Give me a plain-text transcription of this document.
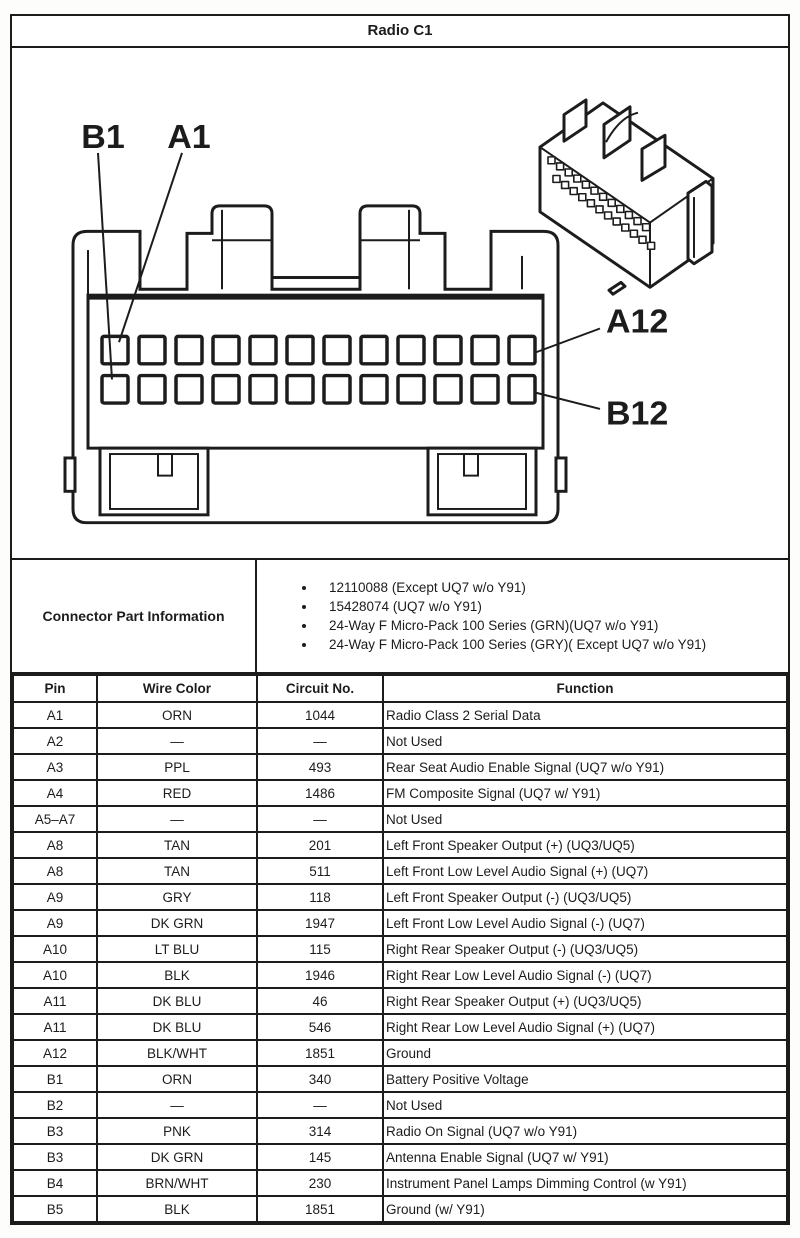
Radio C1
B1 A1
A12
B12
Connector Part Information
• 12110088 (Except UQ7 w/o Y91)
• 15428074 (UQ7 w/o Y91)
• 24-Way F Micro-Pack 100 Series (GRN)(UQ7 w/o Y91)
• 24-Way F Micro-Pack 100 Series (GRY)( Except UQ7 w/o Y91)
Pin	Wire Color	Circuit No.	Function
A1	ORN	1044	Radio Class 2 Serial Data
A2	—	—	Not Used
A3	PPL	493	Rear Seat Audio Enable Signal (UQ7 w/o Y91)
A4	RED	1486	FM Composite Signal (UQ7 w/ Y91)
A5–A7	—	—	Not Used
A8	TAN	201	Left Front Speaker Output (+) (UQ3/UQ5)
A8	TAN	511	Left Front Low Level Audio Signal (+) (UQ7)
A9	GRY	118	Left Front Speaker Output (-) (UQ3/UQ5)
A9	DK GRN	1947	Left Front Low Level Audio Signal (-) (UQ7)
A10	LT BLU	115	Right Rear Speaker Output (-) (UQ3/UQ5)
A10	BLK	1946	Right Rear Low Level Audio Signal (-) (UQ7)
A11	DK BLU	46	Right Rear Speaker Output (+) (UQ3/UQ5)
A11	DK BLU	546	Right Rear Low Level Audio Signal (+) (UQ7)
A12	BLK/WHT	1851	Ground
B1	ORN	340	Battery Positive Voltage
B2	—	—	Not Used
B3	PNK	314	Radio On Signal (UQ7 w/o Y91)
B3	DK GRN	145	Antenna Enable Signal (UQ7 w/ Y91)
B4	BRN/WHT	230	Instrument Panel Lamps Dimming Control (w Y91)
B5	BLK	1851	Ground (w/ Y91)
